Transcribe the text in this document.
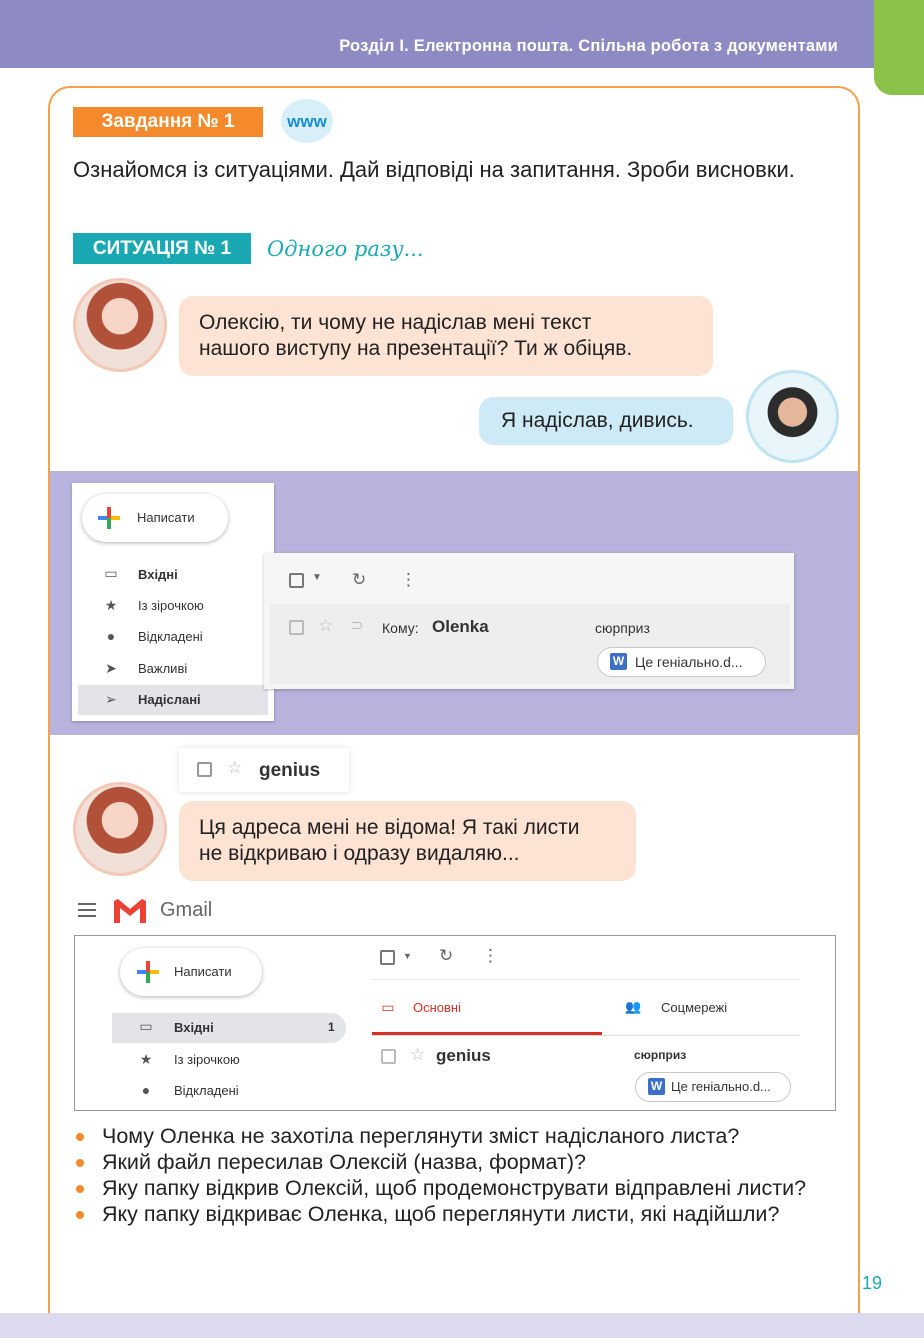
Розділ І. Електронна пошта. Спільна робота з документами
Завдання № 1	www
Ознайомся із ситуаціями. Дай відповіді на запитання. Зроби висновки.
СИТУАЦІЯ № 1	Одного разу...
Олексію, ти чому не надіслав мені текст
нашого виступу на презентації? Ти ж обіцяв.
Я надіслав, дивись.
Написати
▭ Вхідні
★ Із зірочкою
● Відкладені
➤ Важливі
➢ Надіслані
▼ ↻ ⋮
☆ ⊃ Кому: Olenka	сюрприз
W Це геніально.d...
☆ genius
Ця адреса мені не відома! Я такі листи
не відкриваю і одразу видаляю...
Gmail
Написати
▭ Вхідні	1
★ Із зірочкою
● Відкладені
▼ ↻ ⋮
▭ Основні	👥 Соцмережі
☆ genius	сюрприз
W Це геніально.d...
Чому Оленка не захотіла переглянути зміст надісланого листа?
Який файл пересилав Олексій (назва, формат)?
Яку папку відкрив Олексій, щоб продемонструвати відправлені листи?
Яку папку відкриває Оленка, щоб переглянути листи, які надійшли?
19
